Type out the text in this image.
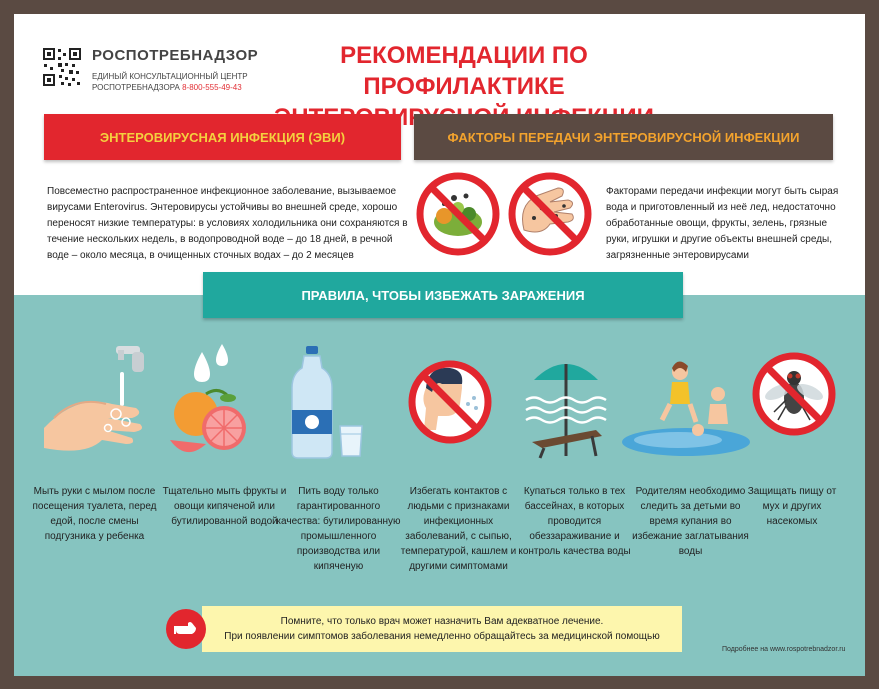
РОСПОТРЕБНАДЗОР
ЕДИНЫЙ КОНСУЛЬТАЦИОННЫЙ ЦЕНТР
РОСПОТРЕБНАДЗОРА 8-800-555-49-43
РЕКОМЕНДАЦИИ ПО ПРОФИЛАКТИКЕ
ЭНТЕРОВИРУСНАЯ ИНФЕКЦИЯ (ЭВИ)	ФАКТОРЫ ПЕРЕДАЧИ ЭНТЕРОВИРУСНОЙ ИНФЕКЦИИ
Повсеместно распространенное инфекционное заболевание, вызываемое вирусами Enterovirus. Энтеровирусы устойчивы во внешней среде, хорошо переносят низкие температуры: в условиях холодильника они сохраняются в течение нескольких недель, в водопроводной воде – до 18 дней, в речной воде – около месяца, в очищенных сточных водах – до 2 месяцев
Факторами передачи инфекции могут быть сырая вода и приготовленный из неё лед, недостаточно обработанные овощи, фрукты, зелень, грязные руки, игрушки и другие объекты внешней среды, загрязненные энтеровирусами
ПРАВИЛА, ЧТОБЫ ИЗБЕЖАТЬ ЗАРАЖЕНИЯ
Мыть руки с мылом после посещения туалета, перед едой, после смены подгузника у ребенка
Тщательно мыть фрукты и овощи кипяченой или бутилированной водой
Пить воду только гарантированного качества: бутилированную промышленного производства или кипяченую
Избегать контактов с людьми с признаками инфекционных заболеваний, с сыпью, температурой, кашлем и другими симптомами
Купаться только в тех бассейнах, в которых проводится обеззараживание и контроль качества воды
Родителям необходимо следить за детьми во время купания во избежание заглатывания воды
Защищать пищу от мух и других насекомых
Помните, что только врач может назначить Вам адекватное лечение.
При появлении симптомов заболевания немедленно обращайтесь за медицинской помощью
Подробнее на www.rospotrebnadzor.ru
